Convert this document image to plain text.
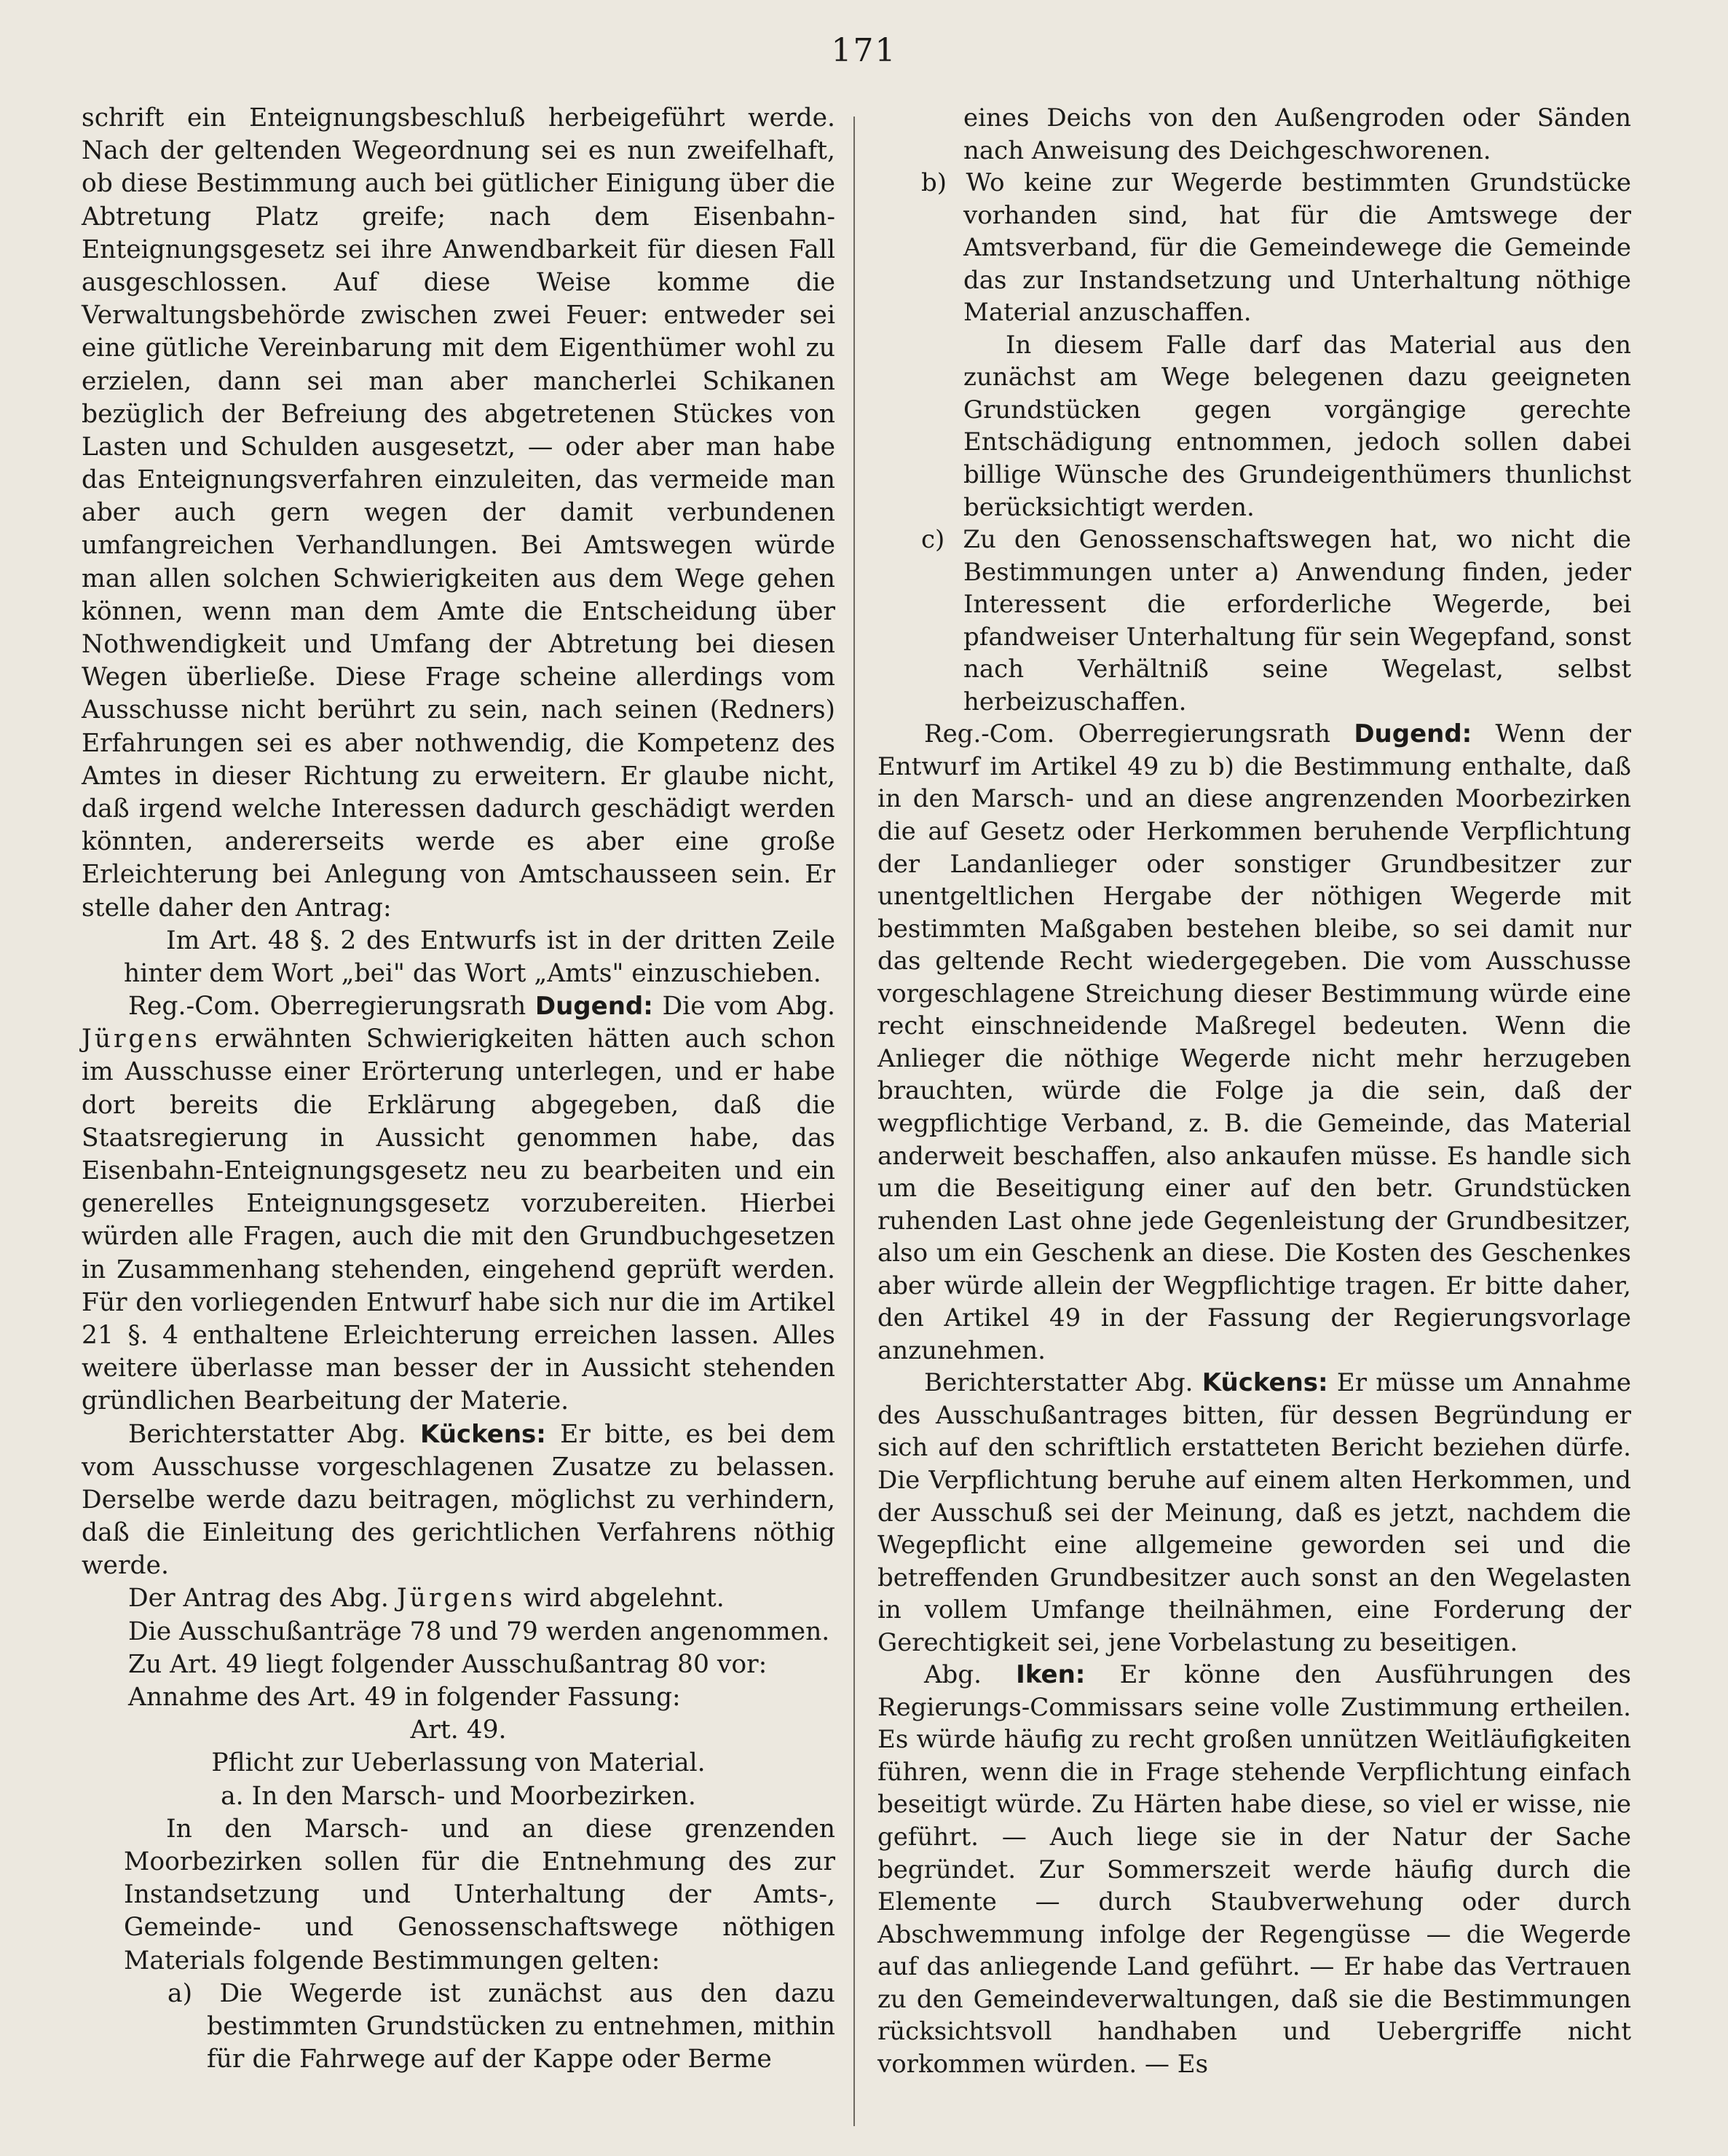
171

schrift ein Enteignungsbeschluß herbeigeführt werde. Nach der geltenden Wegeordnung sei es nun zweifelhaft, ob diese Bestimmung auch bei gütlicher Einigung über die Abtretung Platz greife; nach dem Eisenbahn-Enteignungsgesetz sei ihre Anwendbarkeit für diesen Fall ausgeschlossen. Auf diese Weise komme die Verwaltungsbehörde zwischen zwei Feuer: entweder sei eine gütliche Vereinbarung mit dem Eigenthümer wohl zu erzielen, dann sei man aber mancherlei Schikanen bezüglich der Befreiung des abgetretenen Stückes von Lasten und Schulden ausgesetzt, — oder aber man habe das Enteignungsverfahren einzuleiten, das vermeide man aber auch gern wegen der damit verbundenen umfangreichen Verhandlungen. Bei Amtswegen würde man allen solchen Schwierigkeiten aus dem Wege gehen können, wenn man dem Amte die Entscheidung über Nothwendigkeit und Umfang der Abtretung bei diesen Wegen überließe. Diese Frage scheine allerdings vom Ausschusse nicht berührt zu sein, nach seinen (Redners) Erfahrungen sei es aber nothwendig, die Kompetenz des Amtes in dieser Richtung zu erweitern. Er glaube nicht, daß irgend welche Interessen dadurch geschädigt werden könnten, andererseits werde es aber eine große Erleichterung bei Anlegung von Amtschausseen sein. Er stelle daher den Antrag:

Im Art. 48 §. 2 des Entwurfs ist in der dritten Zeile hinter dem Wort „bei" das Wort „Amts" einzuschieben.

Reg.-Com. Oberregierungsrath Dugend: Die vom Abg. Jürgens erwähnten Schwierigkeiten hätten auch schon im Ausschusse einer Erörterung unterlegen, und er habe dort bereits die Erklärung abgegeben, daß die Staatsregierung in Aussicht genommen habe, das Eisenbahn-Enteignungsgesetz neu zu bearbeiten und ein generelles Enteignungsgesetz vorzubereiten. Hierbei würden alle Fragen, auch die mit den Grundbuchgesetzen in Zusammenhang stehenden, eingehend geprüft werden. Für den vorliegenden Entwurf habe sich nur die im Artikel 21 §. 4 enthaltene Erleichterung erreichen lassen. Alles weitere überlasse man besser der in Aussicht stehenden gründlichen Bearbeitung der Materie.

Berichterstatter Abg. Kückens: Er bitte, es bei dem vom Ausschusse vorgeschlagenen Zusatze zu belassen. Derselbe werde dazu beitragen, möglichst zu verhindern, daß die Einleitung des gerichtlichen Verfahrens nöthig werde.

Der Antrag des Abg. Jürgens wird abgelehnt.

Die Ausschußanträge 78 und 79 werden angenommen.

Zu Art. 49 liegt folgender Ausschußantrag 80 vor:

Annahme des Art. 49 in folgender Fassung:

Art. 49.

Pflicht zur Ueberlassung von Material.

a. In den Marsch- und Moorbezirken.

In den Marsch- und an diese grenzenden Moorbezirken sollen für die Entnehmung des zur Instandsetzung und Unterhaltung der Amts-, Gemeinde- und Genossenschaftswege nöthigen Materials folgende Bestimmungen gelten:

a) Die Wegerde ist zunächst aus den dazu bestimmten Grundstücken zu entnehmen, mithin für die Fahrwege auf der Kappe oder Berme

eines Deichs von den Außengroden oder Sänden nach Anweisung des Deichgeschworenen.

b) Wo keine zur Wegerde bestimmten Grundstücke vorhanden sind, hat für die Amtswege der Amtsverband, für die Gemeindewege die Gemeinde das zur Instandsetzung und Unterhaltung nöthige Material anzuschaffen.

In diesem Falle darf das Material aus den zunächst am Wege belegenen dazu geeigneten Grundstücken gegen vorgängige gerechte Entschädigung entnommen, jedoch sollen dabei billige Wünsche des Grundeigenthümers thunlichst berücksichtigt werden.

c) Zu den Genossenschaftswegen hat, wo nicht die Bestimmungen unter a) Anwendung finden, jeder Interessent die erforderliche Wegerde, bei pfandweiser Unterhaltung für sein Wegepfand, sonst nach Verhältniß seine Wegelast, selbst herbeizuschaffen.

Reg.-Com. Oberregierungsrath Dugend: Wenn der Entwurf im Artikel 49 zu b) die Bestimmung enthalte, daß in den Marsch- und an diese angrenzenden Moorbezirken die auf Gesetz oder Herkommen beruhende Verpflichtung der Landanlieger oder sonstiger Grundbesitzer zur unentgeltlichen Hergabe der nöthigen Wegerde mit bestimmten Maßgaben bestehen bleibe, so sei damit nur das geltende Recht wiedergegeben. Die vom Ausschusse vorgeschlagene Streichung dieser Bestimmung würde eine recht einschneidende Maßregel bedeuten. Wenn die Anlieger die nöthige Wegerde nicht mehr herzugeben brauchten, würde die Folge ja die sein, daß der wegpflichtige Verband, z. B. die Gemeinde, das Material anderweit beschaffen, also ankaufen müsse. Es handle sich um die Beseitigung einer auf den betr. Grundstücken ruhenden Last ohne jede Gegenleistung der Grundbesitzer, also um ein Geschenk an diese. Die Kosten des Geschenkes aber würde allein der Wegpflichtige tragen. Er bitte daher, den Artikel 49 in der Fassung der Regierungsvorlage anzunehmen.

Berichterstatter Abg. Kückens: Er müsse um Annahme des Ausschußantrages bitten, für dessen Begründung er sich auf den schriftlich erstatteten Bericht beziehen dürfe. Die Verpflichtung beruhe auf einem alten Herkommen, und der Ausschuß sei der Meinung, daß es jetzt, nachdem die Wegepflicht eine allgemeine geworden sei und die betreffenden Grundbesitzer auch sonst an den Wegelasten in vollem Umfange theilnähmen, eine Forderung der Gerechtigkeit sei, jene Vorbelastung zu beseitigen.

Abg. Iken: Er könne den Ausführungen des Regierungs-Commissars seine volle Zustimmung ertheilen. Es würde häufig zu recht großen unnützen Weitläufigkeiten führen, wenn die in Frage stehende Verpflichtung einfach beseitigt würde. Zu Härten habe diese, so viel er wisse, nie geführt. — Auch liege sie in der Natur der Sache begründet. Zur Sommerszeit werde häufig durch die Elemente — durch Staubverwehung oder durch Abschwemmung infolge der Regengüsse — die Wegerde auf das anliegende Land geführt. — Er habe das Vertrauen zu den Gemeindeverwaltungen, daß sie die Bestimmungen rücksichtsvoll handhaben und Uebergriffe nicht vorkommen würden. — Es
